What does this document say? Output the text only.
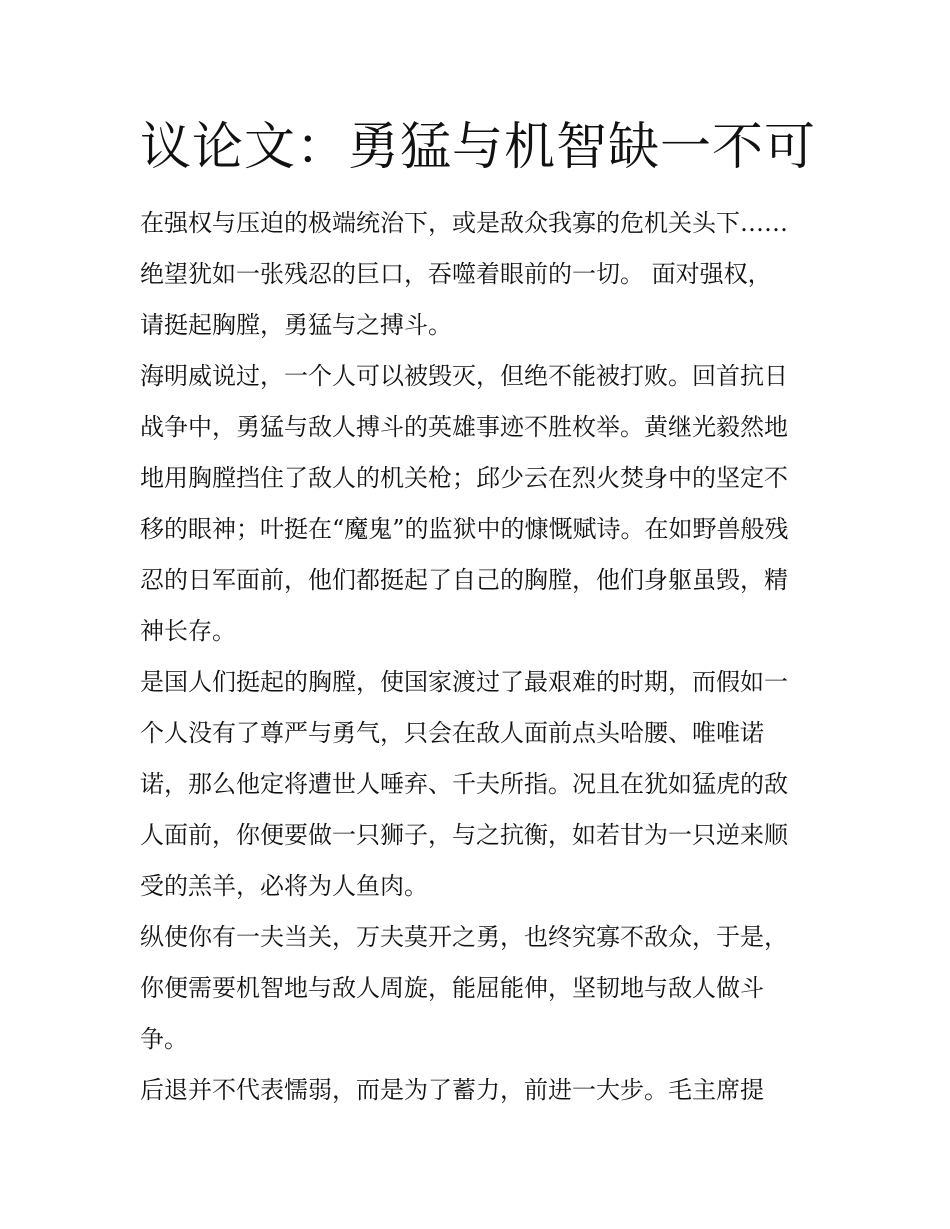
议论文：勇猛与机智缺一不可
在强权与压迫的极端统治下，或是敌众我寡的危机关头下……
绝望犹如一张残忍的巨口，吞噬着眼前的一切。 面对强权，
请挺起胸膛，勇猛与之搏斗。
海明威说过，一个人可以被毁灭，但绝不能被打败。回首抗日
战争中，勇猛与敌人搏斗的英雄事迹不胜枚举。黄继光毅然地
地用胸膛挡住了敌人的机关枪；邱少云在烈火焚身中的坚定不
移的眼神；叶挺在“魔鬼”的监狱中的慷慨赋诗。在如野兽般残
忍的日军面前，他们都挺起了自己的胸膛，他们身躯虽毁，精
神长存。
是国人们挺起的胸膛，使国家渡过了最艰难的时期，而假如一
个人没有了尊严与勇气，只会在敌人面前点头哈腰、唯唯诺
诺，那么他定将遭世人唾弃、千夫所指。况且在犹如猛虎的敌
人面前，你便要做一只狮子，与之抗衡，如若甘为一只逆来顺
受的羔羊，必将为人鱼肉。
纵使你有一夫当关，万夫莫开之勇，也终究寡不敌众，于是，
你便需要机智地与敌人周旋，能屈能伸，坚韧地与敌人做斗
争。
后退并不代表懦弱，而是为了蓄力，前进一大步。毛主席提
